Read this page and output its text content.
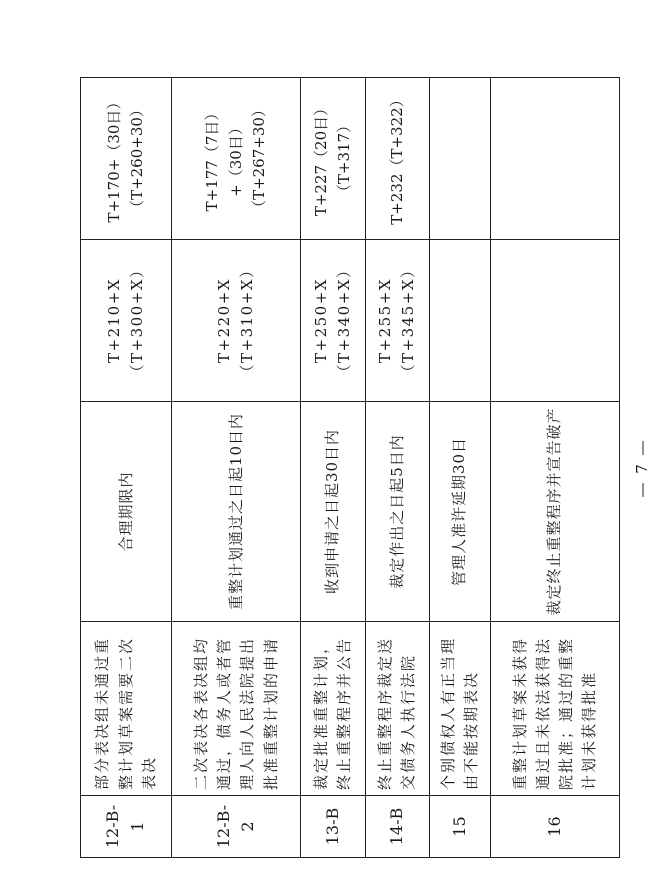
12-B-1	部分表决组未通过重整计划草案需要二次表决	合理期限内	T+210+X（T+300+X）	T+170+（30日）（T+260+30）
12-B-2	二次表决各表决组均通过，债务人或者管理人向人民法院提出批准重整计划的申请	重整计划通过之日起10日内	T+220+X（T+310+X）	T+177（7日）+（30日）（T+267+30）
13-B	裁定批准重整计划，终止重整程序并公告	收到申请之日起30日内	T+250+X（T+340+X）	T+227（20日）（T+317）
14-B	终止重整程序裁定送交债务人执行法院	裁定作出之日起5日内	T+255+X（T+345+X）	T+232（T+322）
15	个别债权人有正当理由不能按期表决	管理人准许延期30日		
16	重整计划草案未获得通过且未依法获得法院批准；通过的重整计划未获得批准	裁定终止重整程序并宣告破产			— 7 —
